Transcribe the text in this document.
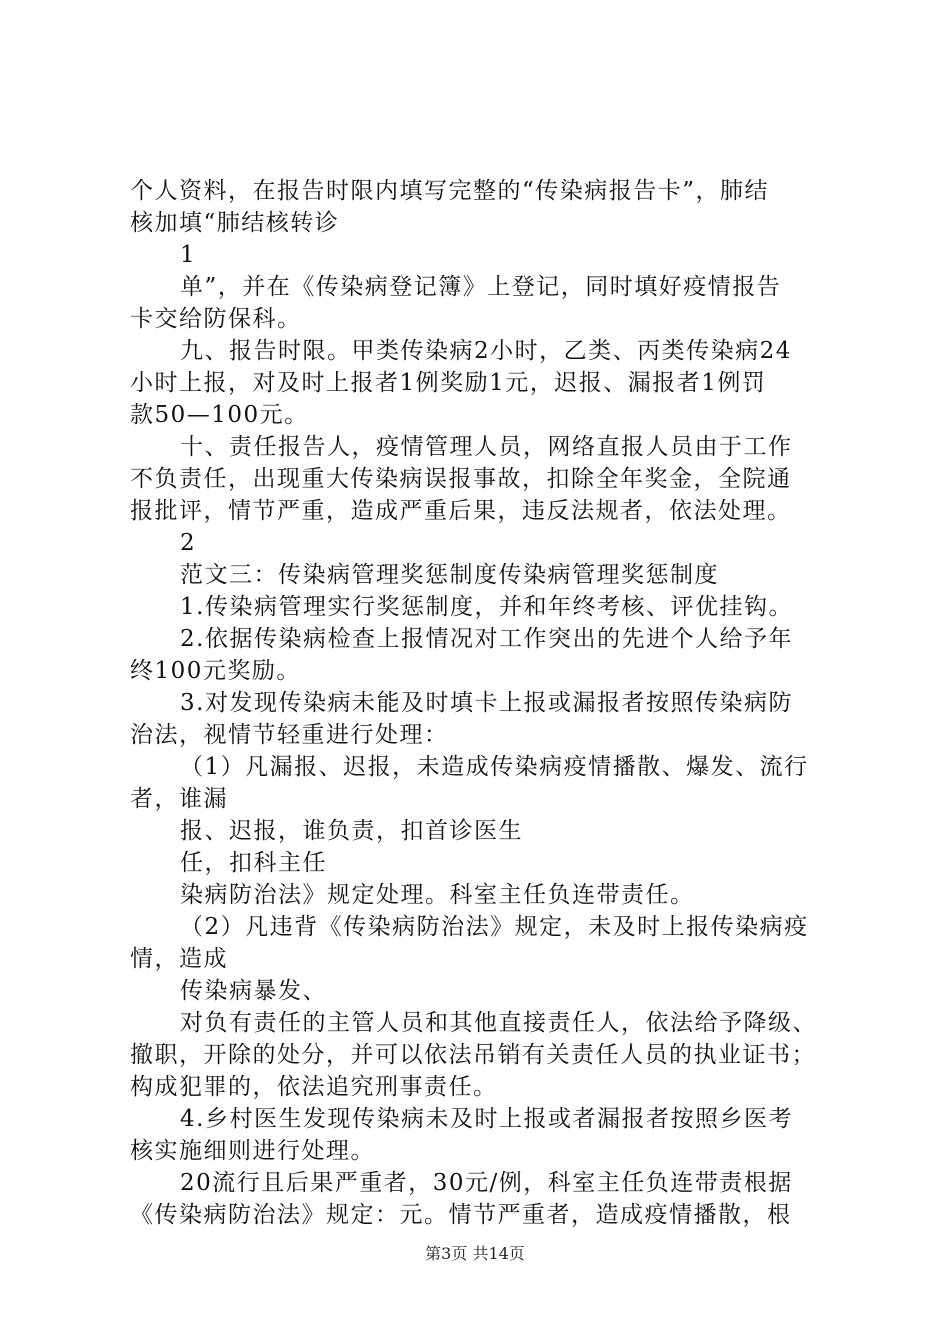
个人资料，在报告时限内填写完整的“传染病报告卡”，肺结
核加填“肺结核转诊
1
单”，并在《传染病登记簿》上登记，同时填好疫情报告
卡交给防保科。
九、报告时限。甲类传染病2小时，乙类、丙类传染病24
小时上报，对及时上报者1例奖励1元，迟报、漏报者1例罚
款50—100元。
十、责任报告人，疫情管理人员，网络直报人员由于工作
不负责任，出现重大传染病误报事故，扣除全年奖金，全院通
报批评，情节严重，造成严重后果，违反法规者，依法处理。
2
范文三：传染病管理奖惩制度传染病管理奖惩制度
1.传染病管理实行奖惩制度，并和年终考核、评优挂钩。
2.依据传染病检查上报情况对工作突出的先进个人给予年
终100元奖励。
3.对发现传染病未能及时填卡上报或漏报者按照传染病防
治法，视情节轻重进行处理：
（1）凡漏报、迟报，未造成传染病疫情播散、爆发、流行
者，谁漏
报、迟报，谁负责，扣首诊医生
任，扣科主任
染病防治法》规定处理。科室主任负连带责任。
（2）凡违背《传染病防治法》规定，未及时上报传染病疫
情，造成
传染病暴发、
对负有责任的主管人员和其他直接责任人，依法给予降级、
撤职，开除的处分，并可以依法吊销有关责任人员的执业证书；
构成犯罪的，依法追究刑事责任。
4.乡村医生发现传染病未及时上报或者漏报者按照乡医考
核实施细则进行处理。
20流行且后果严重者，30元/例，科室主任负连带责根据
《传染病防治法》规定：元。情节严重者，造成疫情播散，根
第3页 共14页
